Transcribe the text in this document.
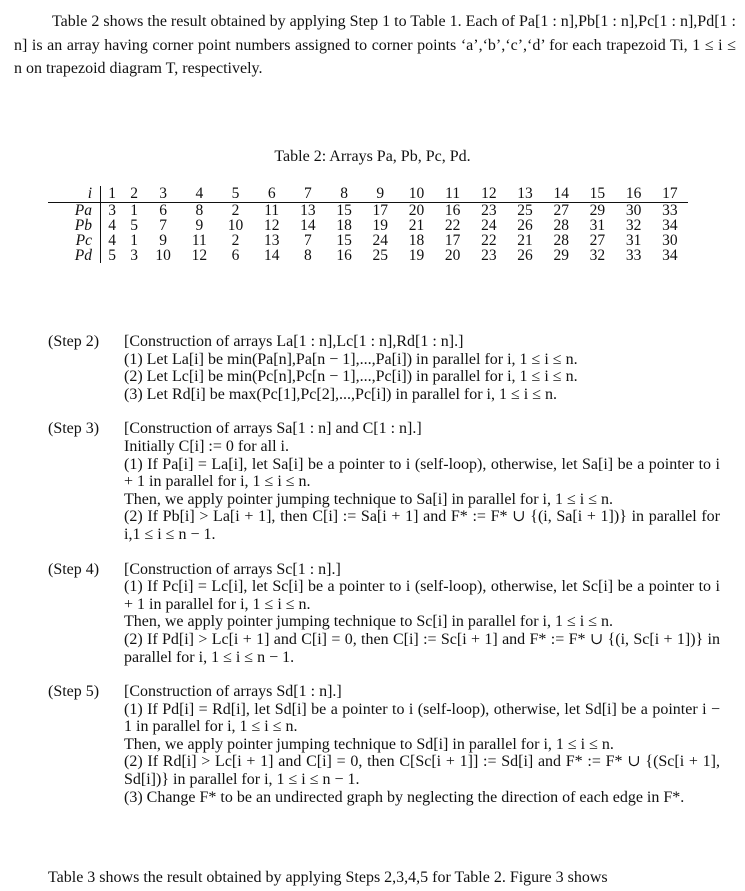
Table 2 shows the result obtained by applying Step 1 to Table 1. Each of Pa[1 : n],Pb[1 : n],Pc[1 : n],Pd[1 : n] is an array having corner point numbers assigned to corner points ‘a’,‘b’,‘c’,‘d’ for each trapezoid Ti, 1 ≤ i ≤ n on trapezoid diagram T, respectively.

Table 2: Arrays Pa, Pb, Pc, Pd.
i	1	2	3	4	5	6	7	8	9	10	11	12	13	14	15	16	17
Pa	3	1	6	8	2	11	13	15	17	20	16	23	25	27	29	30	33
Pb	4	5	7	9	10	12	14	18	19	21	22	24	26	28	31	32	34
Pc	4	1	9	11	2	13	7	15	24	18	17	22	21	28	27	31	30
Pd	5	3	10	12	6	14	8	16	25	19	20	23	26	29	32	33	34
(Step 2)	[Construction of arrays La[1 : n],Lc[1 : n],Rd[1 : n].]
(1) Let La[i] be min(Pa[n],Pa[n − 1],...,Pa[i]) in parallel for i, 1 ≤ i ≤ n.
(2) Let Lc[i] be min(Pc[n],Pc[n − 1],...,Pc[i]) in parallel for i, 1 ≤ i ≤ n.
(3) Let Rd[i] be max(Pc[1],Pc[2],...,Pc[i]) in parallel for i, 1 ≤ i ≤ n.
(Step 3)	[Construction of arrays Sa[1 : n] and C[1 : n].]
Initially C[i] := 0 for all i.
(1) If Pa[i] = La[i], let Sa[i] be a pointer to i (self-loop), otherwise, let Sa[i] be a pointer to i + 1 in parallel for i, 1 ≤ i ≤ n.
Then, we apply pointer jumping technique to Sa[i] in parallel for i, 1 ≤ i ≤ n.
(2) If Pb[i] > La[i + 1], then C[i] := Sa[i + 1] and F* := F* ∪ {(i, Sa[i + 1])} in parallel for i,1 ≤ i ≤ n − 1.
(Step 4)	[Construction of arrays Sc[1 : n].]
(1) If Pc[i] = Lc[i], let Sc[i] be a pointer to i (self-loop), otherwise, let Sc[i] be a pointer to i + 1 in parallel for i, 1 ≤ i ≤ n.
Then, we apply pointer jumping technique to Sc[i] in parallel for i, 1 ≤ i ≤ n.
(2) If Pd[i] > Lc[i + 1] and C[i] = 0, then C[i] := Sc[i + 1] and F* := F* ∪ {(i, Sc[i + 1])} in parallel for i, 1 ≤ i ≤ n − 1.
(Step 5)	[Construction of arrays Sd[1 : n].]
(1) If Pd[i] = Rd[i], let Sd[i] be a pointer to i (self-loop), otherwise, let Sd[i] be a pointer i − 1 in parallel for i, 1 ≤ i ≤ n.
Then, we apply pointer jumping technique to Sd[i] in parallel for i, 1 ≤ i ≤ n.
(2) If Rd[i] > Lc[i + 1] and C[i] = 0, then C[Sc[i + 1]] := Sd[i] and F* := F* ∪ {(Sc[i + 1], Sd[i])} in parallel for i, 1 ≤ i ≤ n − 1.
(3) Change F* to be an undirected graph by neglecting the direction of each edge in F*.
Table 3 shows the result obtained by applying Steps 2,3,4,5 for Table 2. Figure 3 shows
